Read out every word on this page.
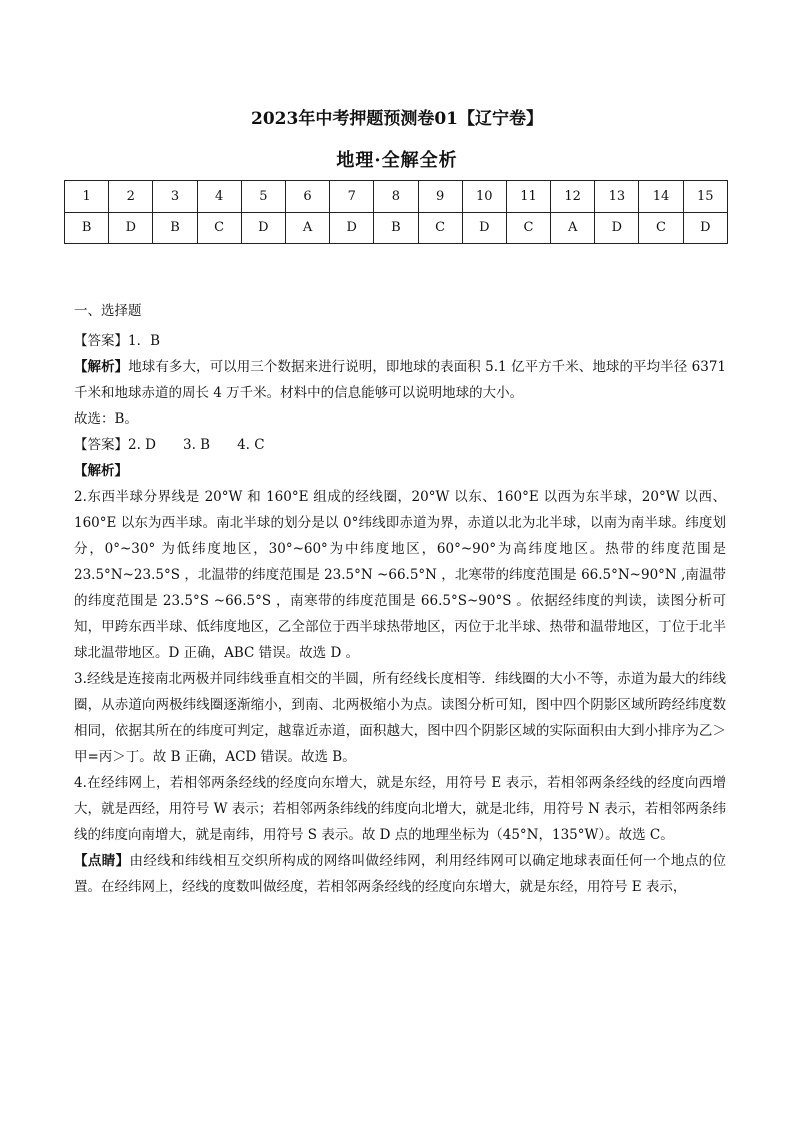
2023年中考押题预测卷01【辽宁卷】
地理·全解全析
1	2	3	4	5	6	7	8	9	10	11	12	13	14	15
B	D	B	C	D	A	D	B	C	D	C	A	D	C	D

一、选择题

【答案】1．B

【解析】地球有多大，可以用三个数据来进行说明，即地球的表面积 5.1 亿平方千米、地球的平均半径 6371 千米和地球赤道的周长 4 万千米。材料中的信息能够可以说明地球的大小。

故选：B。

【答案】2. D　　3. B　　4. C

【解析】

2.东西半球分界线是 20°W 和 160°E 组成的经线圈，20°W 以东、160°E 以西为东半球，20°W 以西、160°E 以东为西半球。南北半球的划分是以 0°纬线即赤道为界，赤道以北为北半球，以南为南半球。纬度划分，0°~30° 为低纬度地区，30°~60°为中纬度地区，60°~90°为高纬度地区。热带的纬度范围是 23.5°N~23.5°S ，北温带的纬度范围是 23.5°N ~66.5°N ，北寒带的纬度范围是 66.5°N~90°N ,南温带的纬度范围是 23.5°S ~66.5°S ，南寒带的纬度范围是 66.5°S~90°S 。依据经纬度的判读，读图分析可知，甲跨东西半球、低纬度地区，乙全部位于西半球热带地区，丙位于北半球、热带和温带地区，丁位于北半球北温带地区。D 正确，ABC 错误。故选 D 。

3.经线是连接南北两极并同纬线垂直相交的半圆，所有经线长度相等．纬线圈的大小不等，赤道为最大的纬线圈，从赤道向两极纬线圈逐渐缩小，到南、北两极缩小为点。读图分析可知，图中四个阴影区域所跨经纬度数相同，依据其所在的纬度可判定，越靠近赤道，面积越大，图中四个阴影区域的实际面积由大到小排序为乙＞甲=丙＞丁。故 B 正确，ACD 错误。故选 B。

4.在经纬网上，若相邻两条经线的经度向东增大，就是东经，用符号 E 表示，若相邻两条经线的经度向西增大，就是西经，用符号 W 表示；若相邻两条纬线的纬度向北增大，就是北纬，用符号 N 表示，若相邻两条纬线的纬度向南增大，就是南纬，用符号 S 表示。故 D 点的地理坐标为（45°N，135°W）。故选 C。

【点睛】由经线和纬线相互交织所构成的网络叫做经纬网，利用经纬网可以确定地球表面任何一个地点的位置。在经纬网上，经线的度数叫做经度，若相邻两条经线的经度向东增大，就是东经，用符号 E 表示，
